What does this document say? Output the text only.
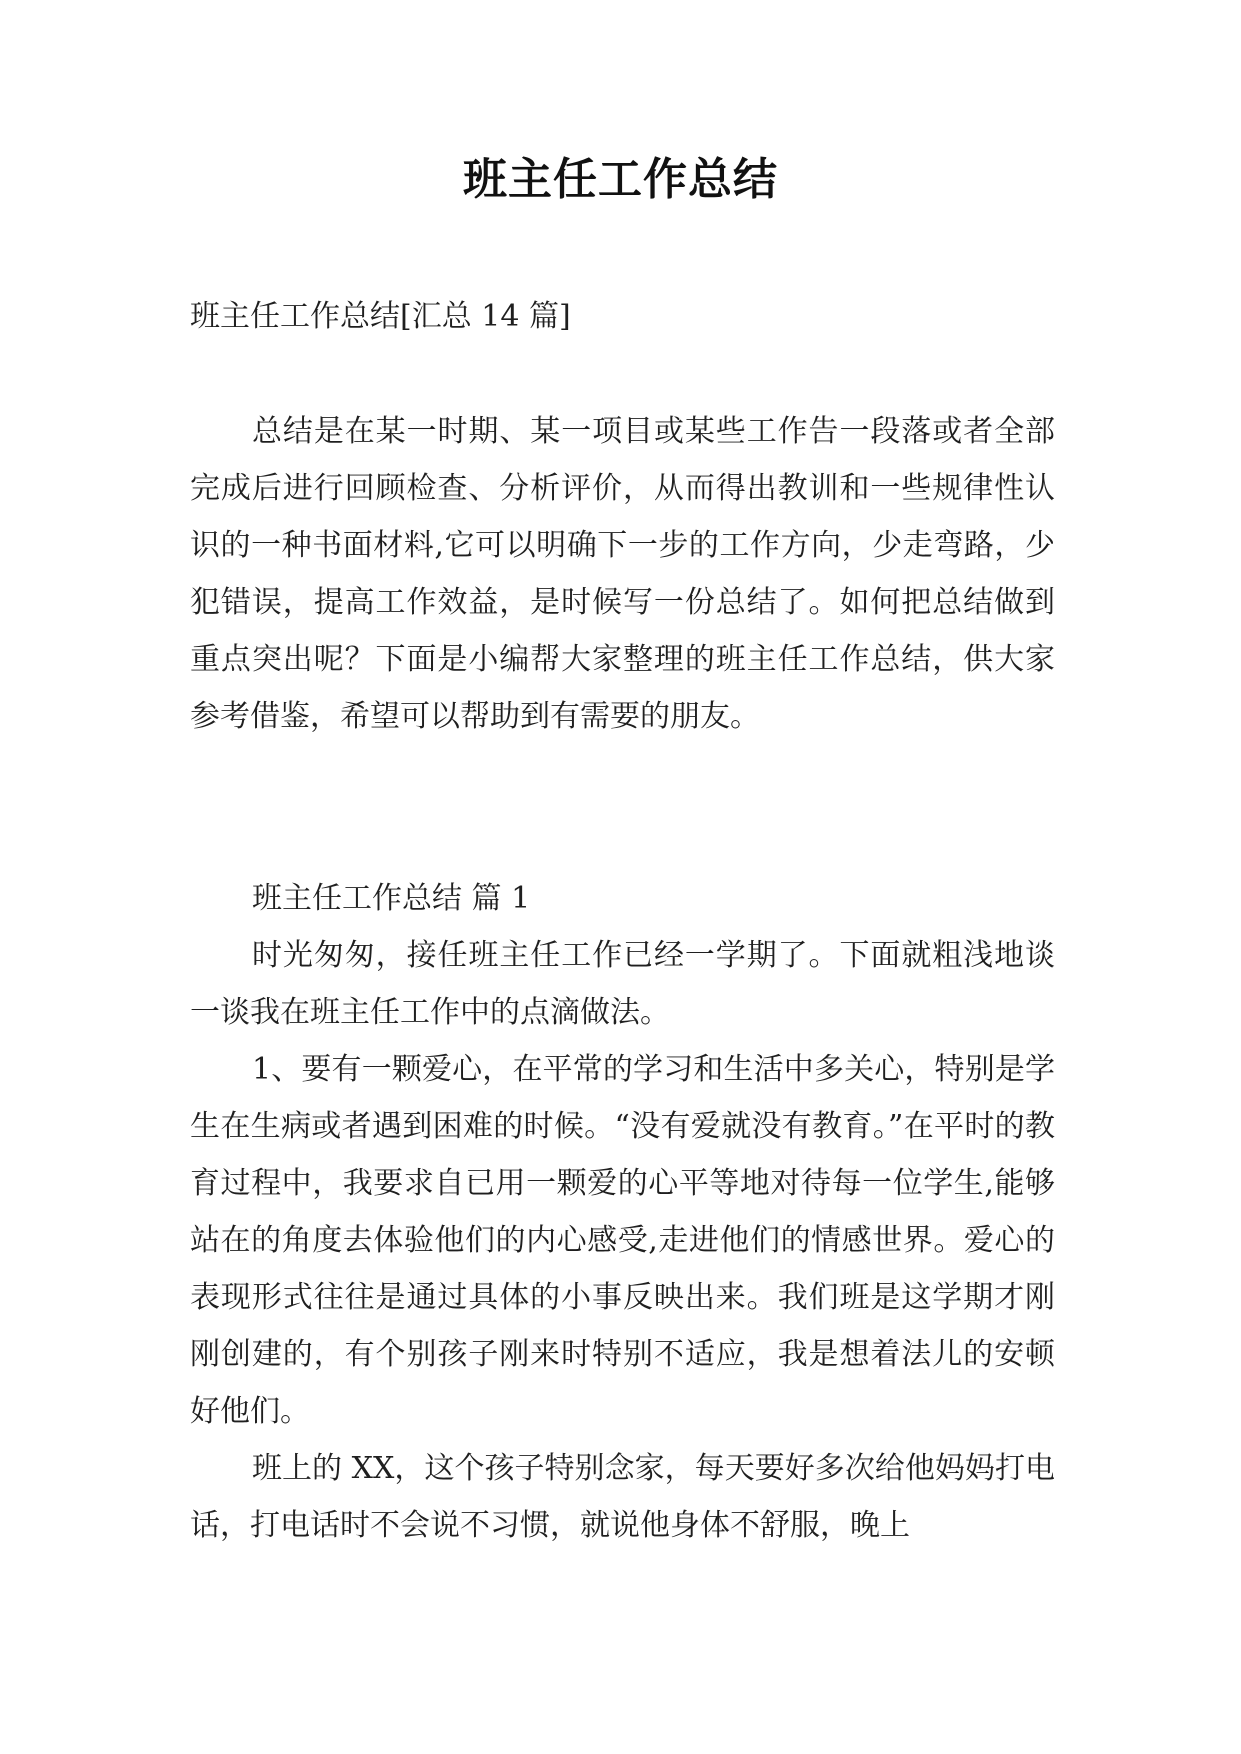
班主任工作总结
班主任工作总结[汇总 14 篇]
总结是在某一时期、某一项目或某些工作告一段落或者全部完成后进行回顾检查、分析评价，从而得出教训和一些规律性认识的一种书面材料,它可以明确下一步的工作方向，少走弯路，少犯错误，提高工作效益，是时候写一份总结了。如何把总结做到重点突出呢？下面是小编帮大家整理的班主任工作总结，供大家参考借鉴，希望可以帮助到有需要的朋友。

班主任工作总结 篇 1

时光匆匆，接任班主任工作已经一学期了。下面就粗浅地谈一谈我在班主任工作中的点滴做法。

1、要有一颗爱心，在平常的学习和生活中多关心，特别是学生在生病或者遇到困难的时候。“没有爱就没有教育。”在平时的教育过程中，我要求自已用一颗爱的心平等地对待每一位学生,能够站在的角度去体验他们的内心感受,走进他们的情感世界。爱心的表现形式往往是通过具体的小事反映出来。我们班是这学期才刚刚创建的，有个别孩子刚来时特别不适应，我是想着法儿的安顿好他们。

班上的 XX，这个孩子特别念家，每天要好多次给他妈妈打电话，打电话时不会说不习惯，就说他身体不舒服，晚上
